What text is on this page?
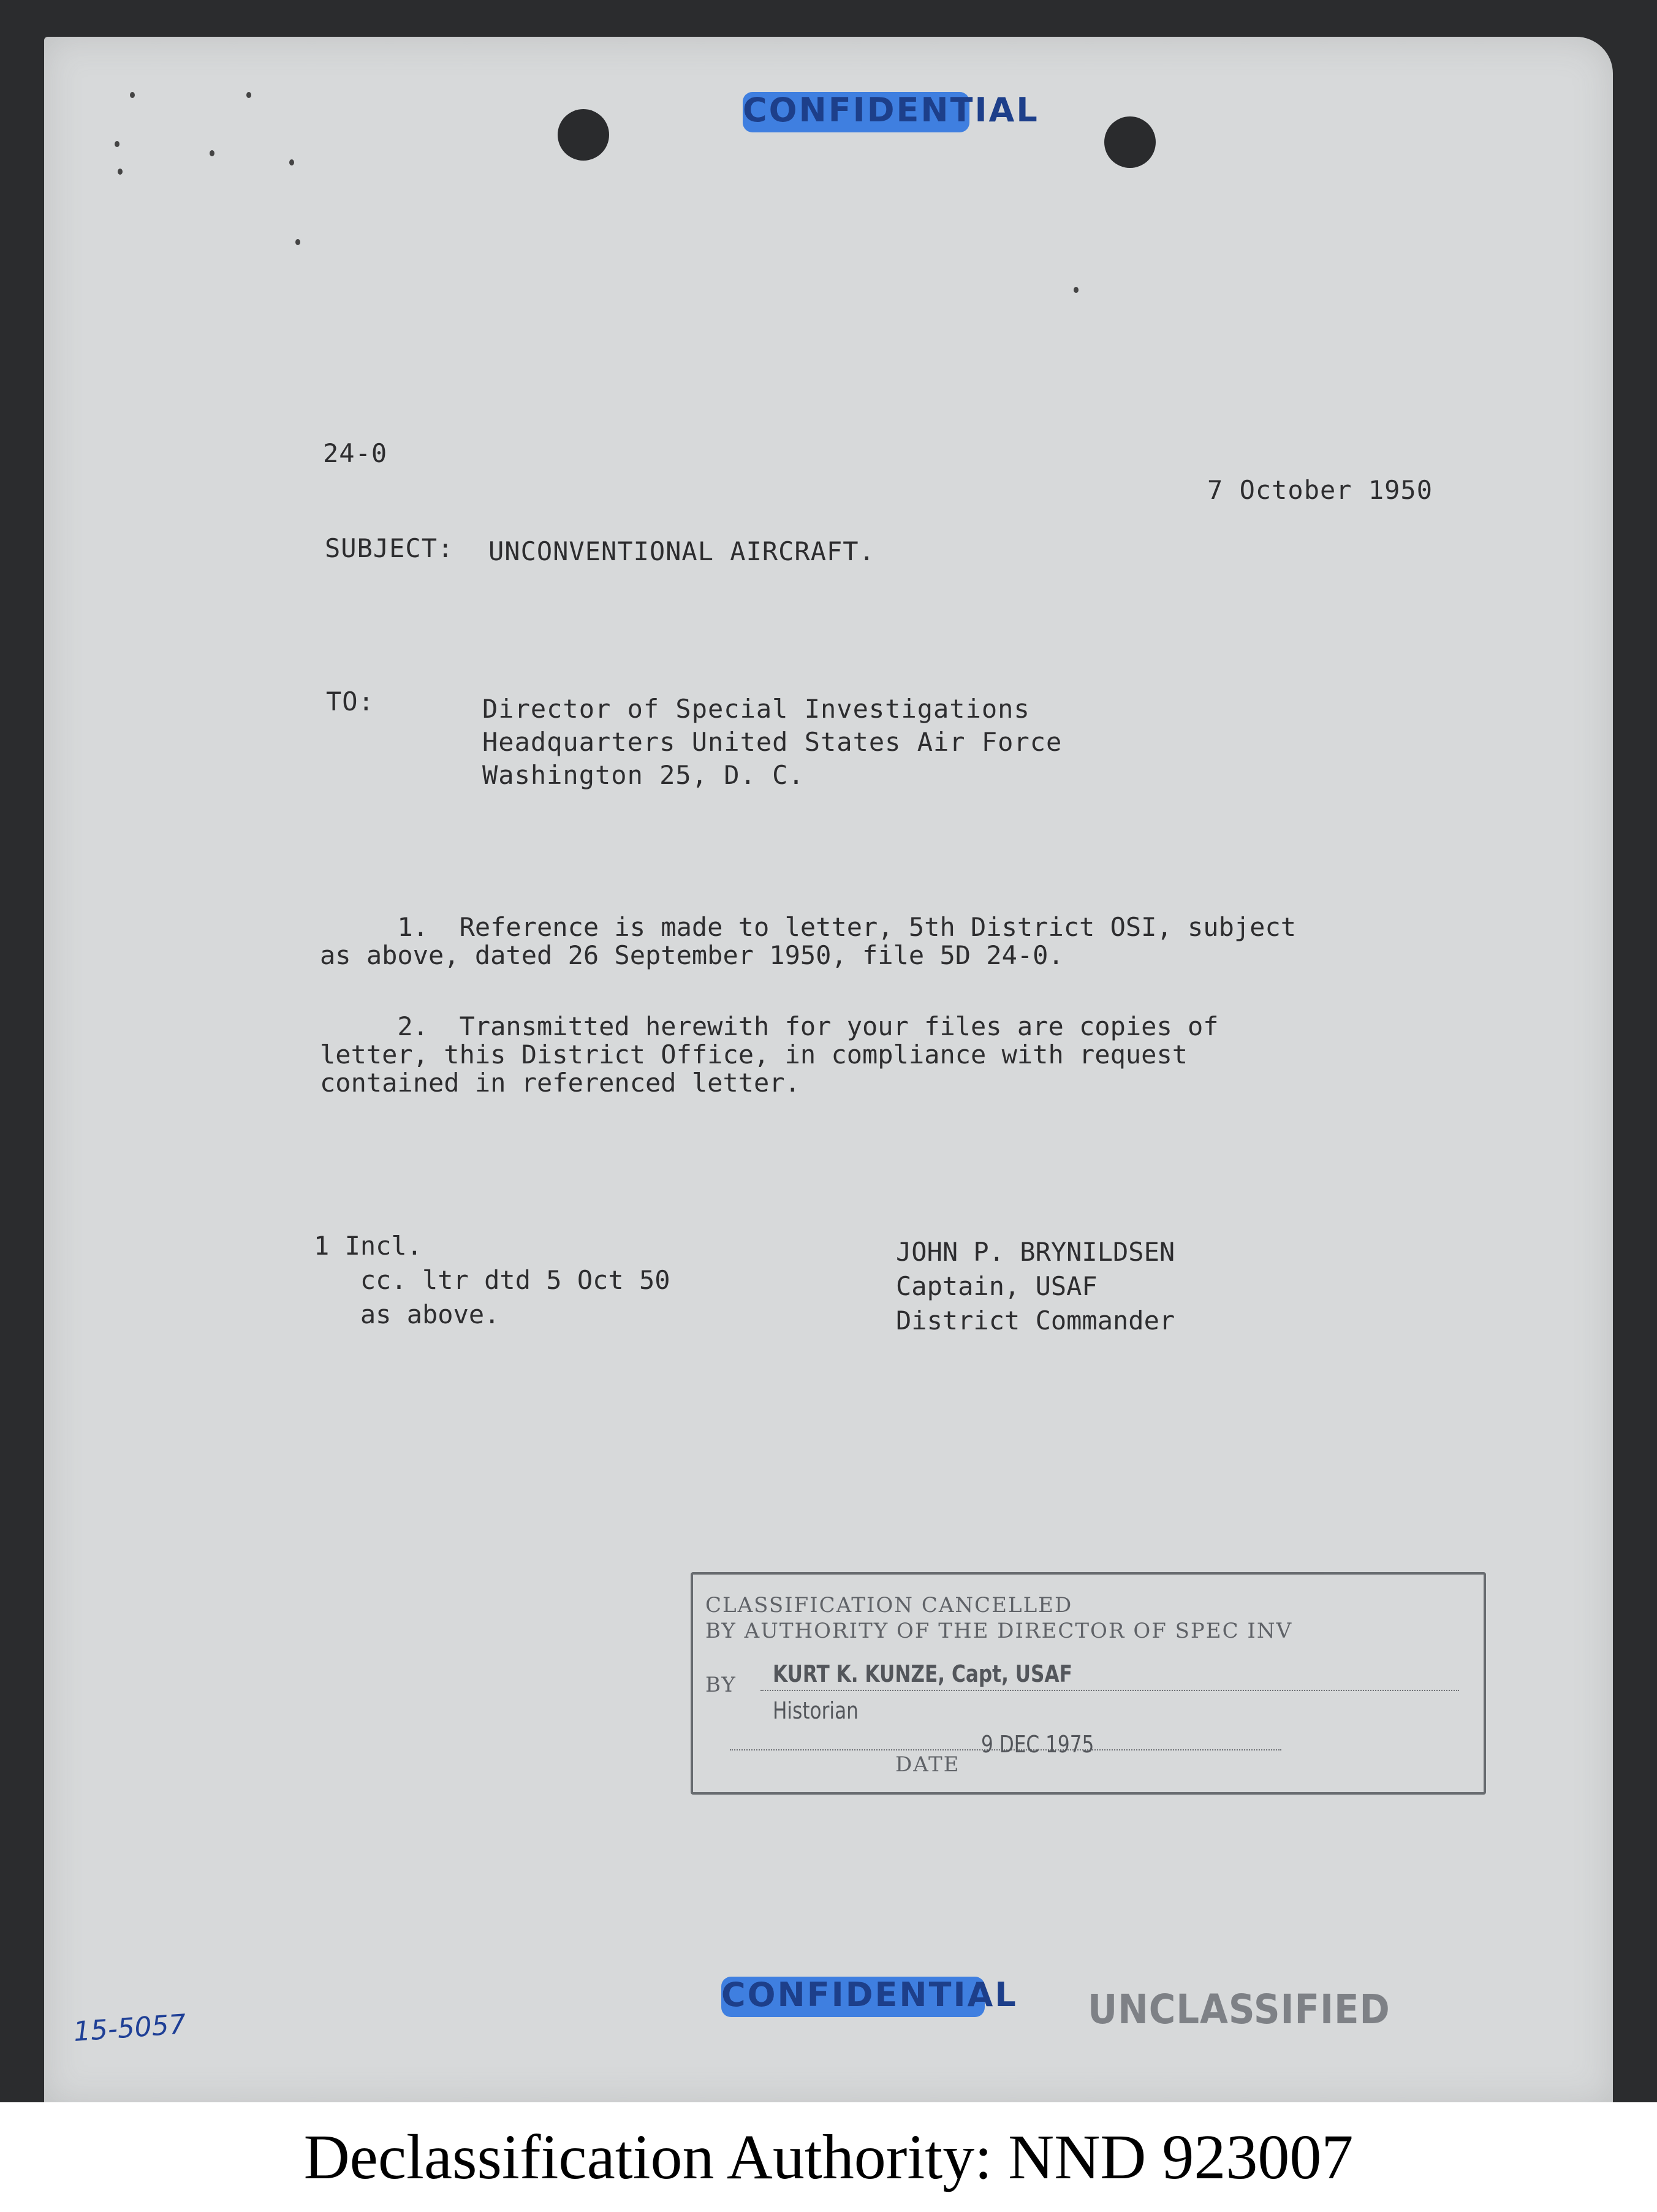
CONFIDENTIAL

24-0

7 October 1950

SUBJECT: UNCONVENTIONAL AIRCRAFT.

TO:	Director of Special Investigations

Headquarters United States Air Force

Washington 25, D. C.

1.  Reference is made to letter, 5th District OSI, subject

as above, dated 26 September 1950, file 5D 24-0.

2.  Transmitted herewith for your files are copies of

letter, this District Office, in compliance with request

contained in referenced letter.

1 Incl.

cc. ltr dtd 5 Oct 50

as above.

JOHN P. BRYNILDSEN

Captain, USAF

District Commander

CLASSIFICATION CANCELLED

BY AUTHORITY OF THE DIRECTOR OF SPEC INV

BY KURT K. KUNZE, Capt, USAF

Historian

DATE

9 DEC 1975

CONFIDENTIAL UNCLASSIFIED
15-5057
Declassification Authority: NND 923007
